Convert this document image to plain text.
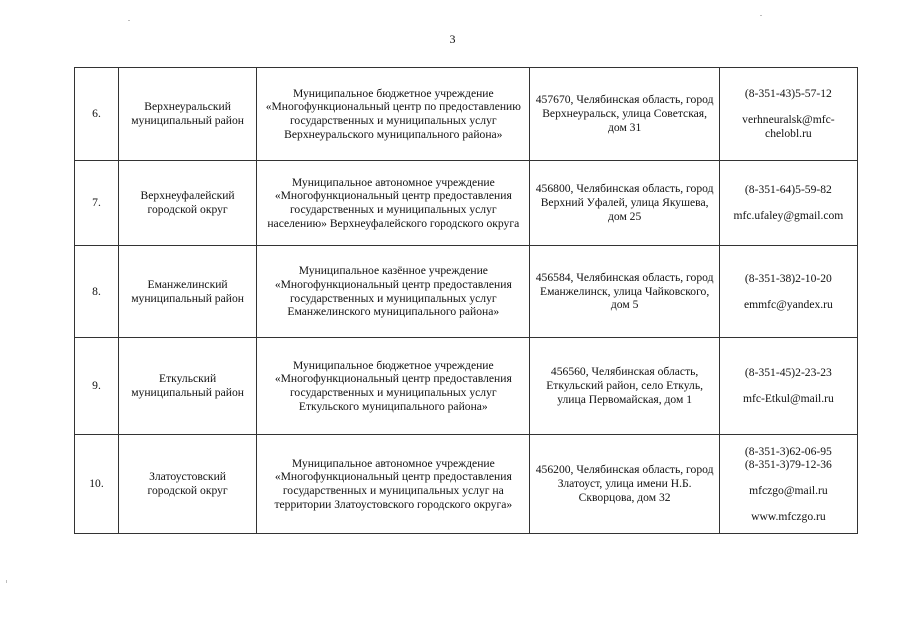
3
6.	Верхнеуральский муниципальный район	Муниципальное бюджетное учреждение «Многофункциональный центр по предоставлению государственных и муниципальных услуг Верхнеуральского муниципального района»	457670, Челябинская область, город Верхнеуральск, улица Советская, дом 31	(8-351-43)5-57-12
verhneuralsk@mfc-chelobl.ru

7.	Верхнеуфалейский городской округ	Муниципальное автономное учреждение «Многофункциональный центр предоставления государственных и муниципальных услуг населению» Верхнеуфалейского городского округа	456800, Челябинская область, город Верхний Уфалей, улица Якушева, дом 25	(8-351-64)5-59-82
mfc.ufaley@gmail.com

8.	Еманжелинский муниципальный район	Муниципальное казённое учреждение «Многофункциональный центр предоставления государственных и муниципальных услуг Еманжелинского муниципального района»	456584, Челябинская область, город Еманжелинск, улица Чайковского, дом 5	(8-351-38)2-10-20
emmfc@yandex.ru

9.	Еткульский муниципальный район	Муниципальное бюджетное учреждение «Многофункциональный центр предоставления государственных и муниципальных услуг Еткульского муниципального района»	456560, Челябинская область, Еткульский район, село Еткуль, улица Первомайская, дом 1	(8-351-45)2-23-23
mfc-Etkul@mail.ru

10.	Златоустовский городской округ	Муниципальное автономное учреждение «Многофункциональный центр предоставления государственных и муниципальных услуг на территории Златоустовского городского округа»	456200, Челябинская область, город Златоуст, улица имени Н.Б. Скворцова, дом 32	(8-351-3)62-06-95
(8-351-3)79-12-36
mfczgo@mail.ru
www.mfczgo.ru
